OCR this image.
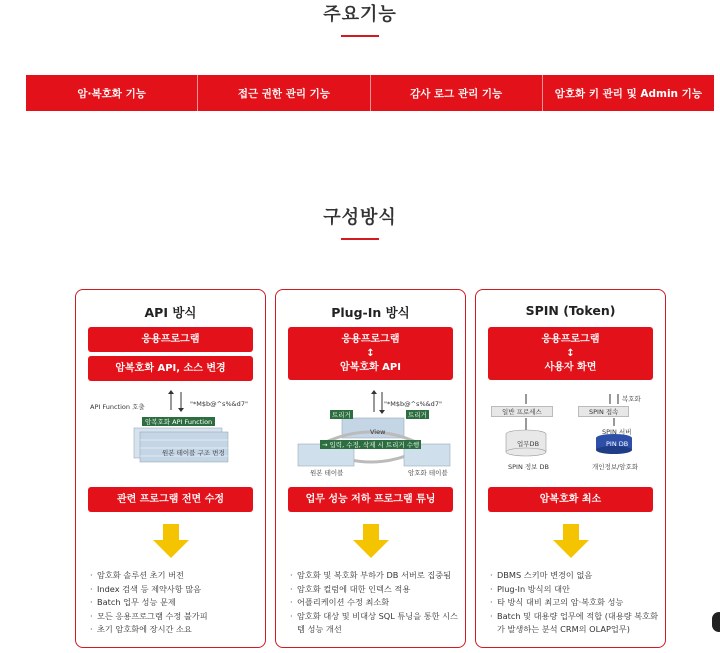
주요기능
암·복호화 기능	접근 권한 관리 기능	감사 로그 관리 기능	암호화 키 관리 및 Admin 기능
구성방식
API 방식
응용프로그램
암복호화 API, 소스 변경
API Function 호출	"*M$b@^s%&d7"
암복호화 API Function
원본 테이블 구조 변경
관련 프로그램 전면 수정
· 암호화 솔루션 초기 버전
· Index 검색 등 제약사항 많음
· Batch 업무 성능 문제
· 모든 응용프로그램 수정 불가피
· 초기 암호화에 장시간 소요
Plug-In 방식
응용프로그램
↕
암복호화 API
"*M$b@^s%&d7"
트리거	트리거
View
→ 입력, 수정, 삭제 시 트리거 수행
원본 테이블	암호화 테이블
업무 성능 저하 프로그램 튜닝
· 암호화 및 복호화 부하가 DB 서버로 집중됨
· 암호화 컬럼에 대한 인덱스 적용
· 어플리케이션 수정 최소화
· 암호화 대상 및 비대상 SQL 튜닝을 통한 시스템 성능 개선
SPIN (Token)
응용프로그램
↕
사용자 화면
일반 프로세스	SPIN 접속
복호화
업무DB
SPIN 서버
PIN DB
SPIN 정보 DB	개인정보/암호화
암복호화 최소
· DBMS 스키마 변경이 없음
· Plug-In 방식의 대안
· 타 방식 대비 최고의 암·복호화 성능
· Batch 및 대용량 업무에 적합 (대용량 복호화가 발생하는 분석 CRM의 OLAP업무)
